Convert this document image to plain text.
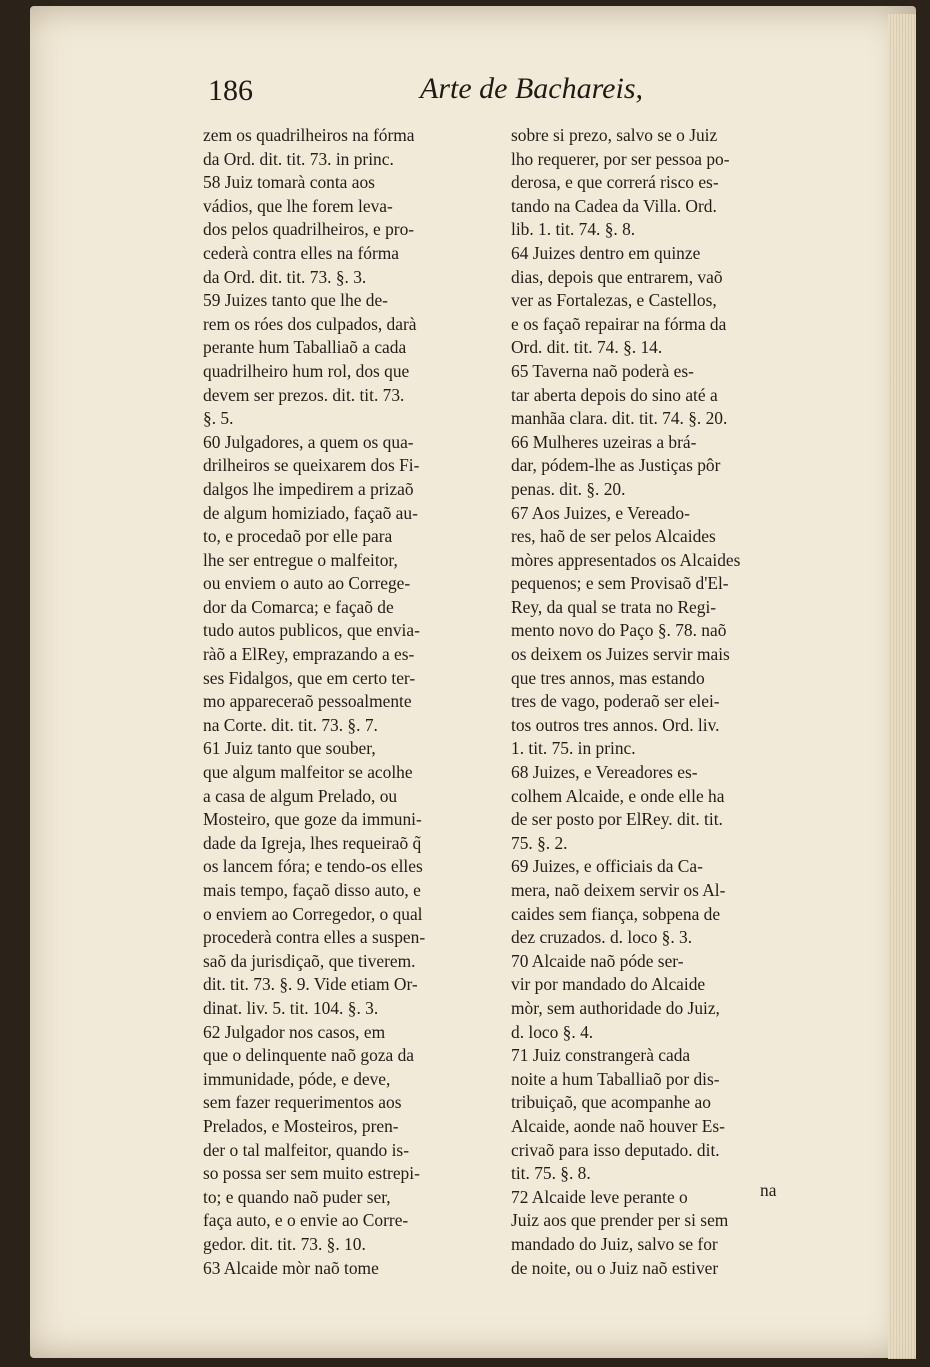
186	Arte de Bachareis,
zem os quadrilheiros na fórma
da Ord. dit. tit. 73. in princ.
58 Juiz tomarà conta aos
vádios, que lhe forem leva-
dos pelos quadrilheiros, e pro-
cederà contra elles na fórma
da Ord. dit. tit. 73. §. 3.
59 Juizes tanto que lhe de-
rem os róes dos culpados, darà
perante hum Taballiaõ a cada
quadrilheiro hum rol, dos que
devem ser prezos. dit. tit. 73.
§. 5.
60 Julgadores, a quem os qua-
drilheiros se queixarem dos Fi-
dalgos lhe impedirem a prizaõ
de algum homiziado, façaõ au-
to, e procedaõ por elle para
lhe ser entregue o malfeitor,
ou enviem o auto ao Correge-
dor da Comarca; e façaõ de
tudo autos publicos, que envia-
ràõ a ElRey, emprazando a es-
ses Fidalgos, que em certo ter-
mo appareceraõ pessoalmente
na Corte. dit. tit. 73. §. 7.
61 Juiz tanto que souber,
que algum malfeitor se acolhe
a casa de algum Prelado, ou
Mosteiro, que goze da immuni-
dade da Igreja, lhes requeiraõ q̃
os lancem fóra; e tendo-os elles
mais tempo, façaõ disso auto, e
o enviem ao Corregedor, o qual
procederà contra elles a suspen-
saõ da jurisdiçaõ, que tiverem.
dit. tit. 73. §. 9. Vide etiam Or-
dinat. liv. 5. tit. 104. §. 3.
62 Julgador nos casos, em
que o delinquente naõ goza da
immunidade, póde, e deve,
sem fazer requerimentos aos
Prelados, e Mosteiros, pren-
der o tal malfeitor, quando is-
so possa ser sem muito estrepi-
to; e quando naõ puder ser,
faça auto, e o envie ao Corre-
gedor. dit. tit. 73. §. 10.
63 Alcaide mòr naõ tome
sobre si prezo, salvo se o Juiz
lho requerer, por ser pessoa po-
derosa, e que correrá risco es-
tando na Cadea da Villa. Ord.
lib. 1. tit. 74. §. 8.
64 Juizes dentro em quinze
dias, depois que entrarem, vaõ
ver as Fortalezas, e Castellos,
e os façaõ repairar na fórma da
Ord. dit. tit. 74. §. 14.
65 Taverna naõ poderà es-
tar aberta depois do sino até a
manhãa clara. dit. tit. 74. §. 20.
66 Mulheres uzeiras a brá-
dar, pódem-lhe as Justiças pôr
penas. dit. §. 20.
67 Aos Juizes, e Vereado-
res, haõ de ser pelos Alcaides
mòres appresentados os Alcaides
pequenos; e sem Provisaõ d'El-
Rey, da qual se trata no Regi-
mento novo do Paço §. 78. naõ
os deixem os Juizes servir mais
que tres annos, mas estando
tres de vago, poderaõ ser elei-
tos outros tres annos. Ord. liv.
1. tit. 75. in princ.
68 Juizes, e Vereadores es-
colhem Alcaide, e onde elle ha
de ser posto por ElRey. dit. tit.
75. §. 2.
69 Juizes, e officiais da Ca-
mera, naõ deixem servir os Al-
caides sem fiança, sobpena de
dez cruzados. d. loco §. 3.
70 Alcaide naõ póde ser-
vir por mandado do Alcaide
mòr, sem authoridade do Juiz,
d. loco §. 4.
71 Juiz constrangerà cada
noite a hum Taballiaõ por dis-
tribuiçaõ, que acompanhe ao
Alcaide, aonde naõ houver Es-
crivaõ para isso deputado. dit.
tit. 75. §. 8.
72 Alcaide leve perante o
Juiz aos que prender per si sem
mandado do Juiz, salvo se for
de noite, ou o Juiz naõ estiver
na
